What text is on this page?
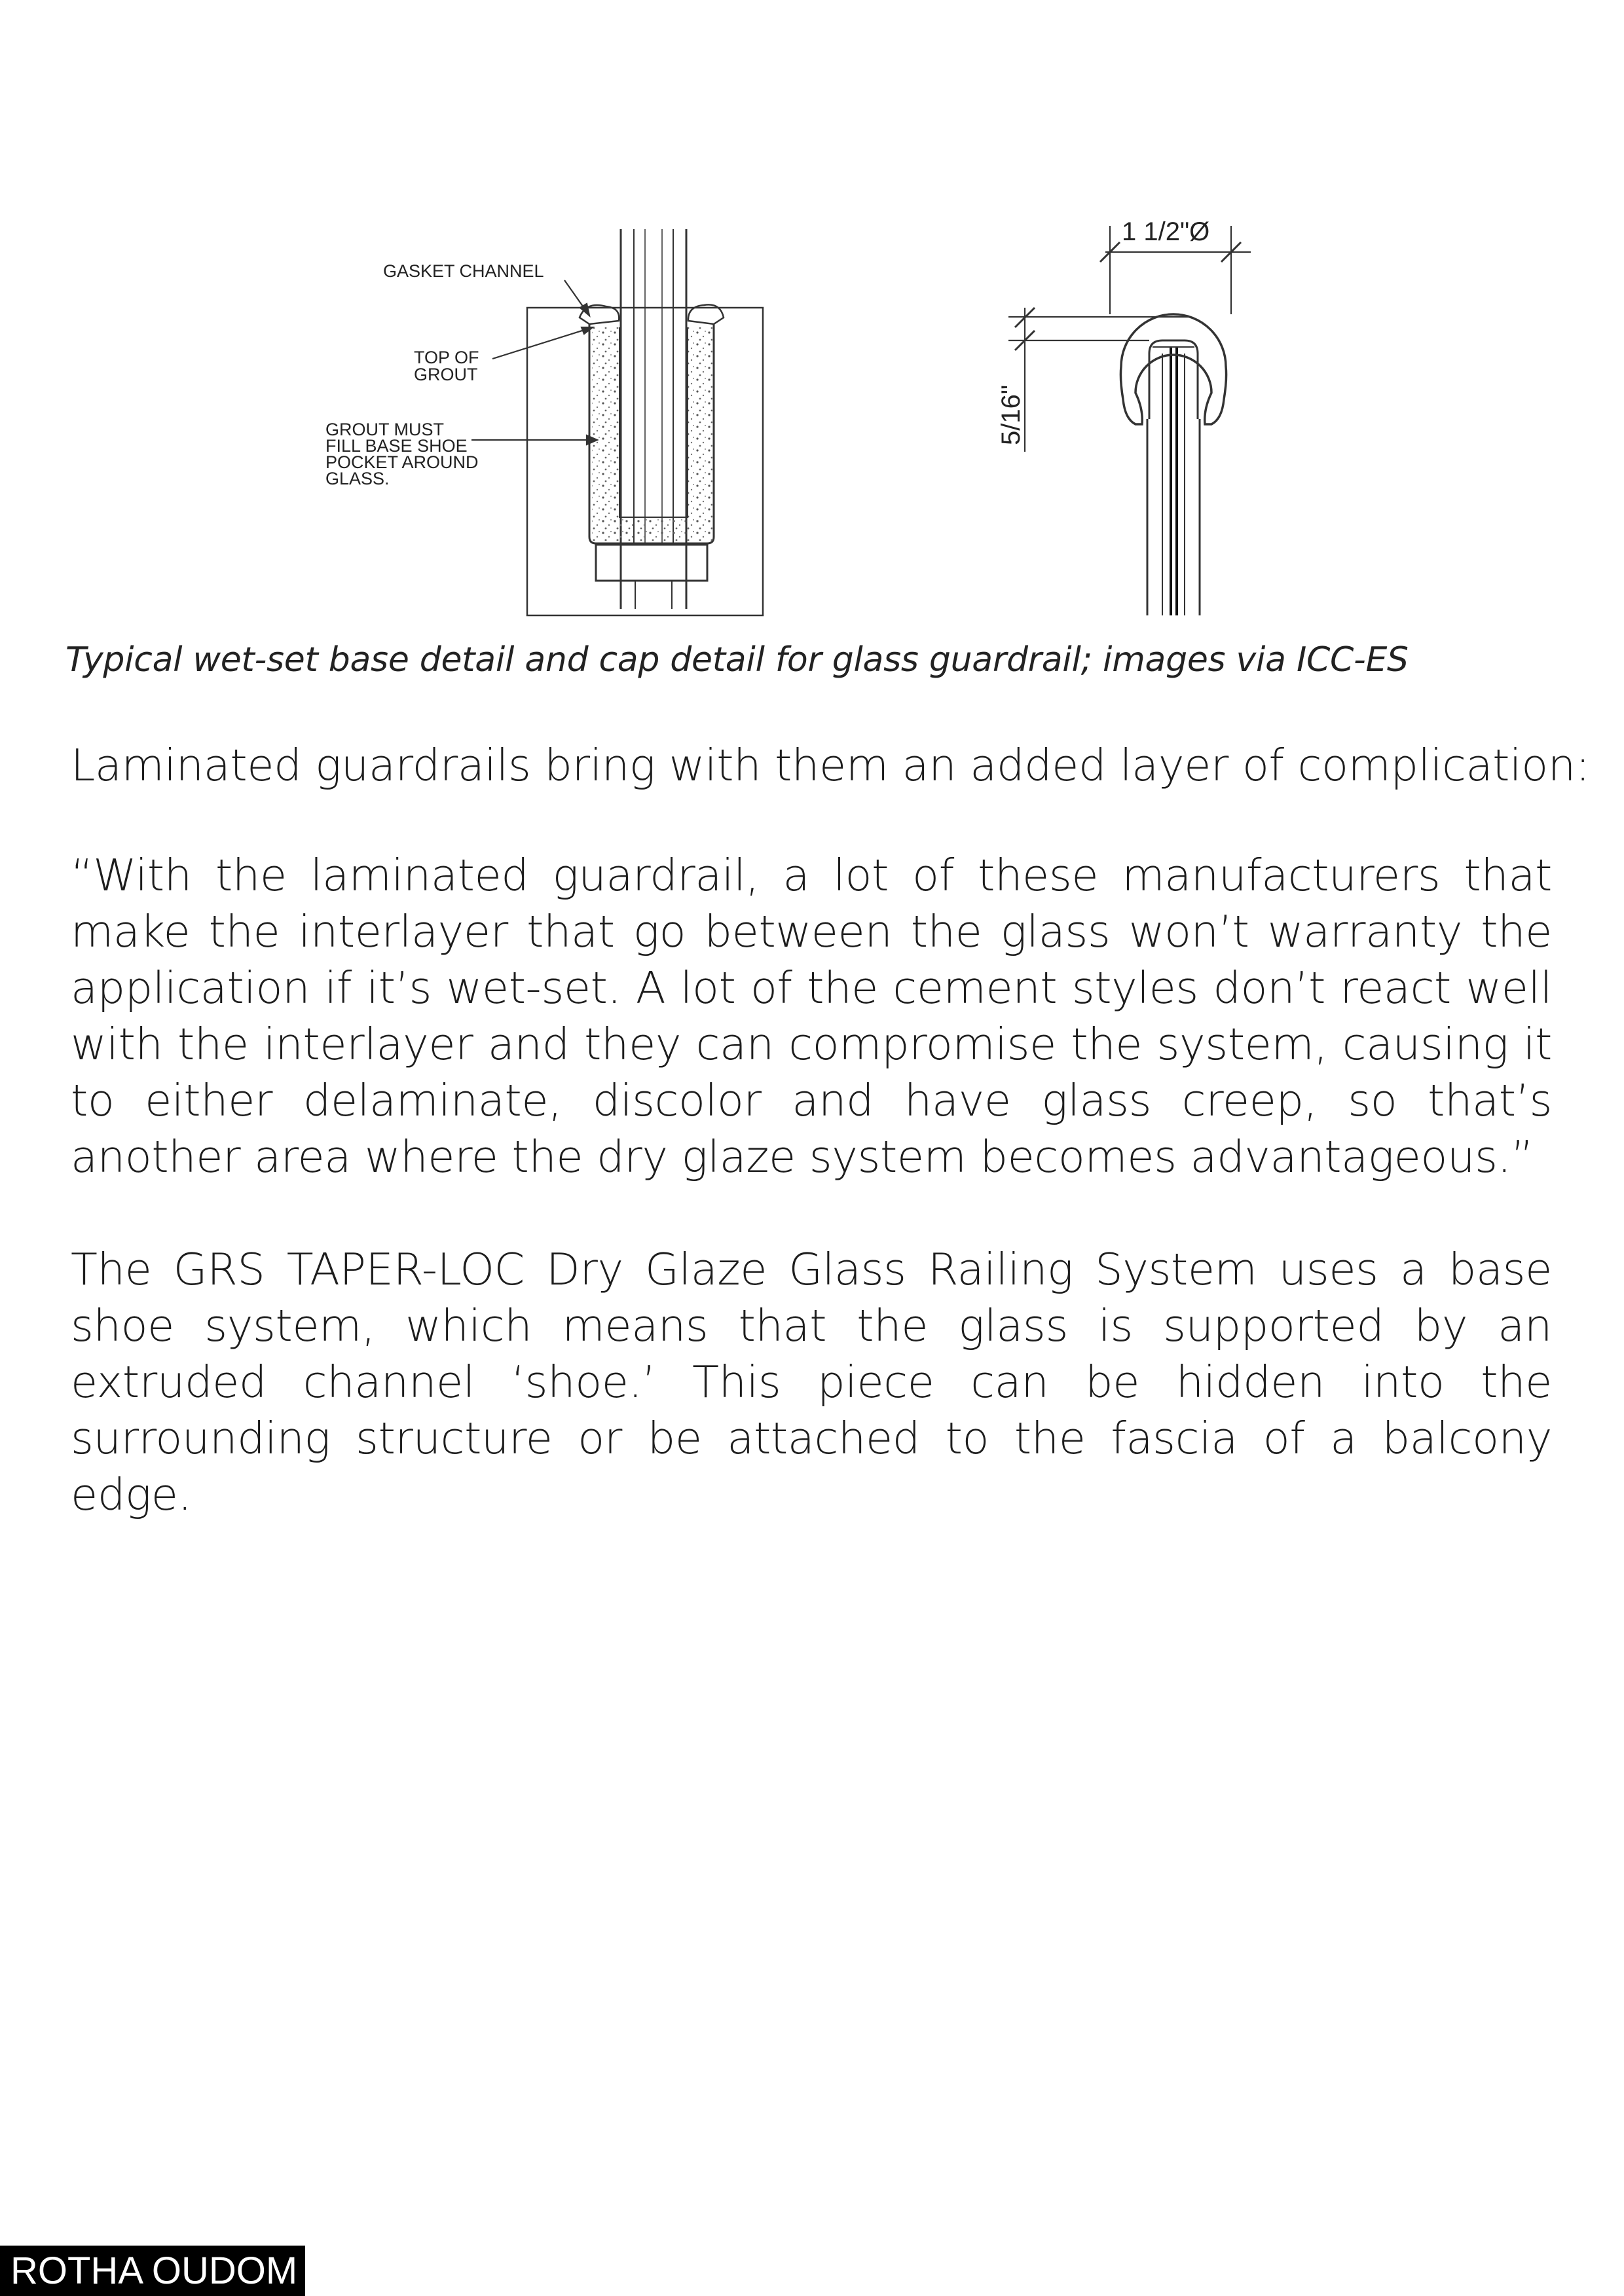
GASKET CHANNEL
TOP OF
GROUT
GROUT MUST
FILL BASE SHOE
POCKET AROUND
GLASS.
1 1/2"Ø
5/16"
Typical wet-set base detail and cap detail for glass guardrail; images via ICC-ES

Laminated guardrails bring with them an added layer of complication:

“With the laminated guardrail, a lot of these manufacturers that make the interlayer that go between the glass won’t warranty the application if it’s wet-set. A lot of the cement styles don’t react well with the interlayer and they can compromise the system, causing it to either delaminate, discolor and have glass creep, so that’s another area where the dry glaze system becomes advantageous.”

The GRS TAPER-LOC Dry Glaze Glass Railing System uses a base shoe system, which means that the glass is supported by an extruded channel ‘shoe.’ This piece can be hidden into the surrounding structure or be attached to the fascia of a balcony edge.

ROTHA OUDOM
